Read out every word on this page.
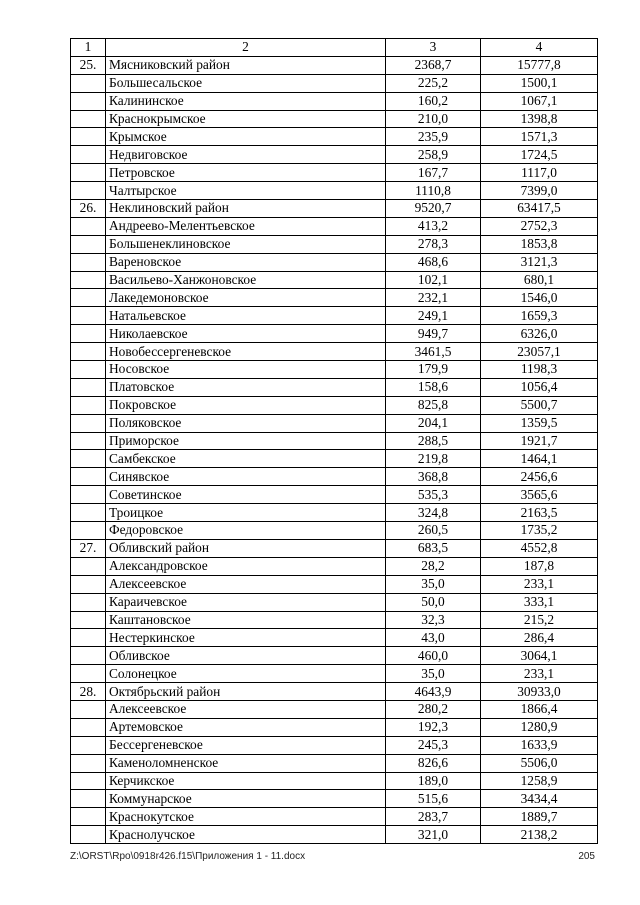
1	2	3	4
25.	Мясниковский район	2368,7	15777,8
	Большесальское	225,2	1500,1
	Калининское	160,2	1067,1
	Краснокрымское	210,0	1398,8
	Крымское	235,9	1571,3
	Недвиговское	258,9	1724,5
	Петровское	167,7	1117,0
	Чалтырское	1110,8	7399,0
26.	Неклиновский район	9520,7	63417,5
	Андреево-Мелентьевское	413,2	2752,3
	Большенеклиновское	278,3	1853,8
	Вареновское	468,6	3121,3
	Васильево-Ханжоновское	102,1	680,1
	Лакедемоновское	232,1	1546,0
	Натальевское	249,1	1659,3
	Николаевское	949,7	6326,0
	Новобессергеневское	3461,5	23057,1
	Носовское	179,9	1198,3
	Платовское	158,6	1056,4
	Покровское	825,8	5500,7
	Поляковское	204,1	1359,5
	Приморское	288,5	1921,7
	Самбекское	219,8	1464,1
	Синявское	368,8	2456,6
	Советинское	535,3	3565,6
	Троицкое	324,8	2163,5
	Федоровское	260,5	1735,2
27.	Обливский район	683,5	4552,8
	Александровское	28,2	187,8
	Алексеевское	35,0	233,1
	Караичевское	50,0	333,1
	Каштановское	32,3	215,2
	Нестеркинское	43,0	286,4
	Обливское	460,0	3064,1
	Солонецкое	35,0	233,1
28.	Октябрьский район	4643,9	30933,0
	Алексеевское	280,2	1866,4
	Артемовское	192,3	1280,9
	Бессергеневское	245,3	1633,9
	Каменоломненское	826,6	5506,0
	Керчикское	189,0	1258,9
	Коммунарское	515,6	3434,4
	Краснокутское	283,7	1889,7
	Краснолучское	321,0	2138,2
Z:\ORST\Rpo\0918r426.f15\Приложения 1 - 11.docx	205
